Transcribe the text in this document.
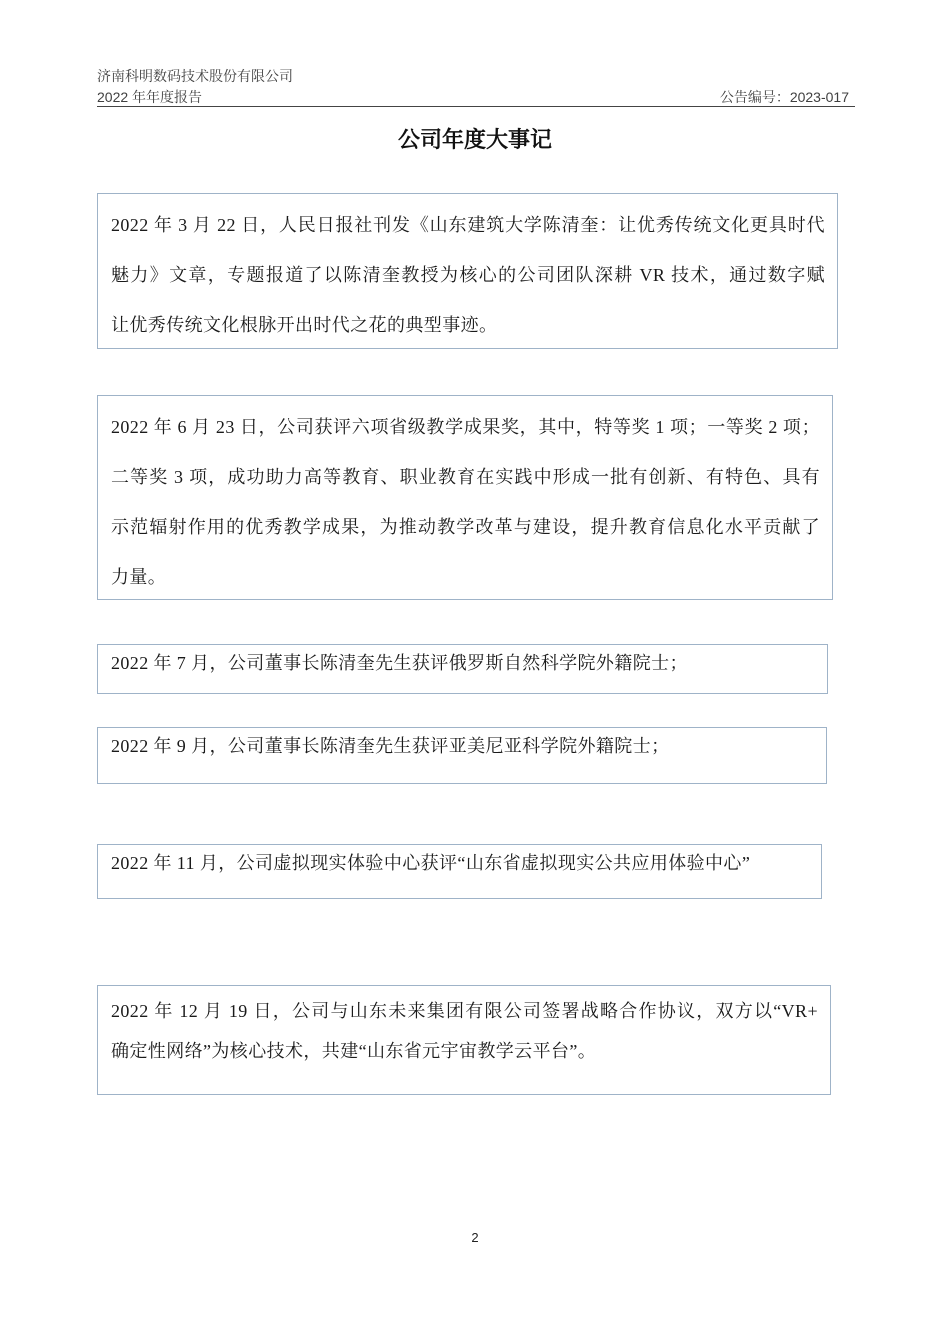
济南科明数码技术股份有限公司
2022 年年度报告	公告编号：2023-017
公司年度大事记
2022 年 3 月 22 日，人民日报社刊发《山东建筑大学陈清奎：让优秀传统文化更具时代
魅力》文章，专题报道了以陈清奎教授为核心的公司团队深耕 VR 技术，通过数字赋
让优秀传统文化根脉开出时代之花的典型事迹。
2022 年 6 月 23 日，公司获评六项省级教学成果奖，其中，特等奖 1 项；一等奖 2 项；
二等奖 3 项，成功助力高等教育、职业教育在实践中形成一批有创新、有特色、具有
示范辐射作用的优秀教学成果，为推动教学改革与建设，提升教育信息化水平贡献了
力量。
2022 年 7 月，公司董事长陈清奎先生获评俄罗斯自然科学院外籍院士；
2022 年 9 月，公司董事长陈清奎先生获评亚美尼亚科学院外籍院士；
2022 年 11 月，公司虚拟现实体验中心获评“山东省虚拟现实公共应用体验中心”
2022 年 12 月 19 日，公司与山东未来集团有限公司签署战略合作协议，双方以“VR+
确定性网络”为核心技术，共建“山东省元宇宙教学云平台”。
2
